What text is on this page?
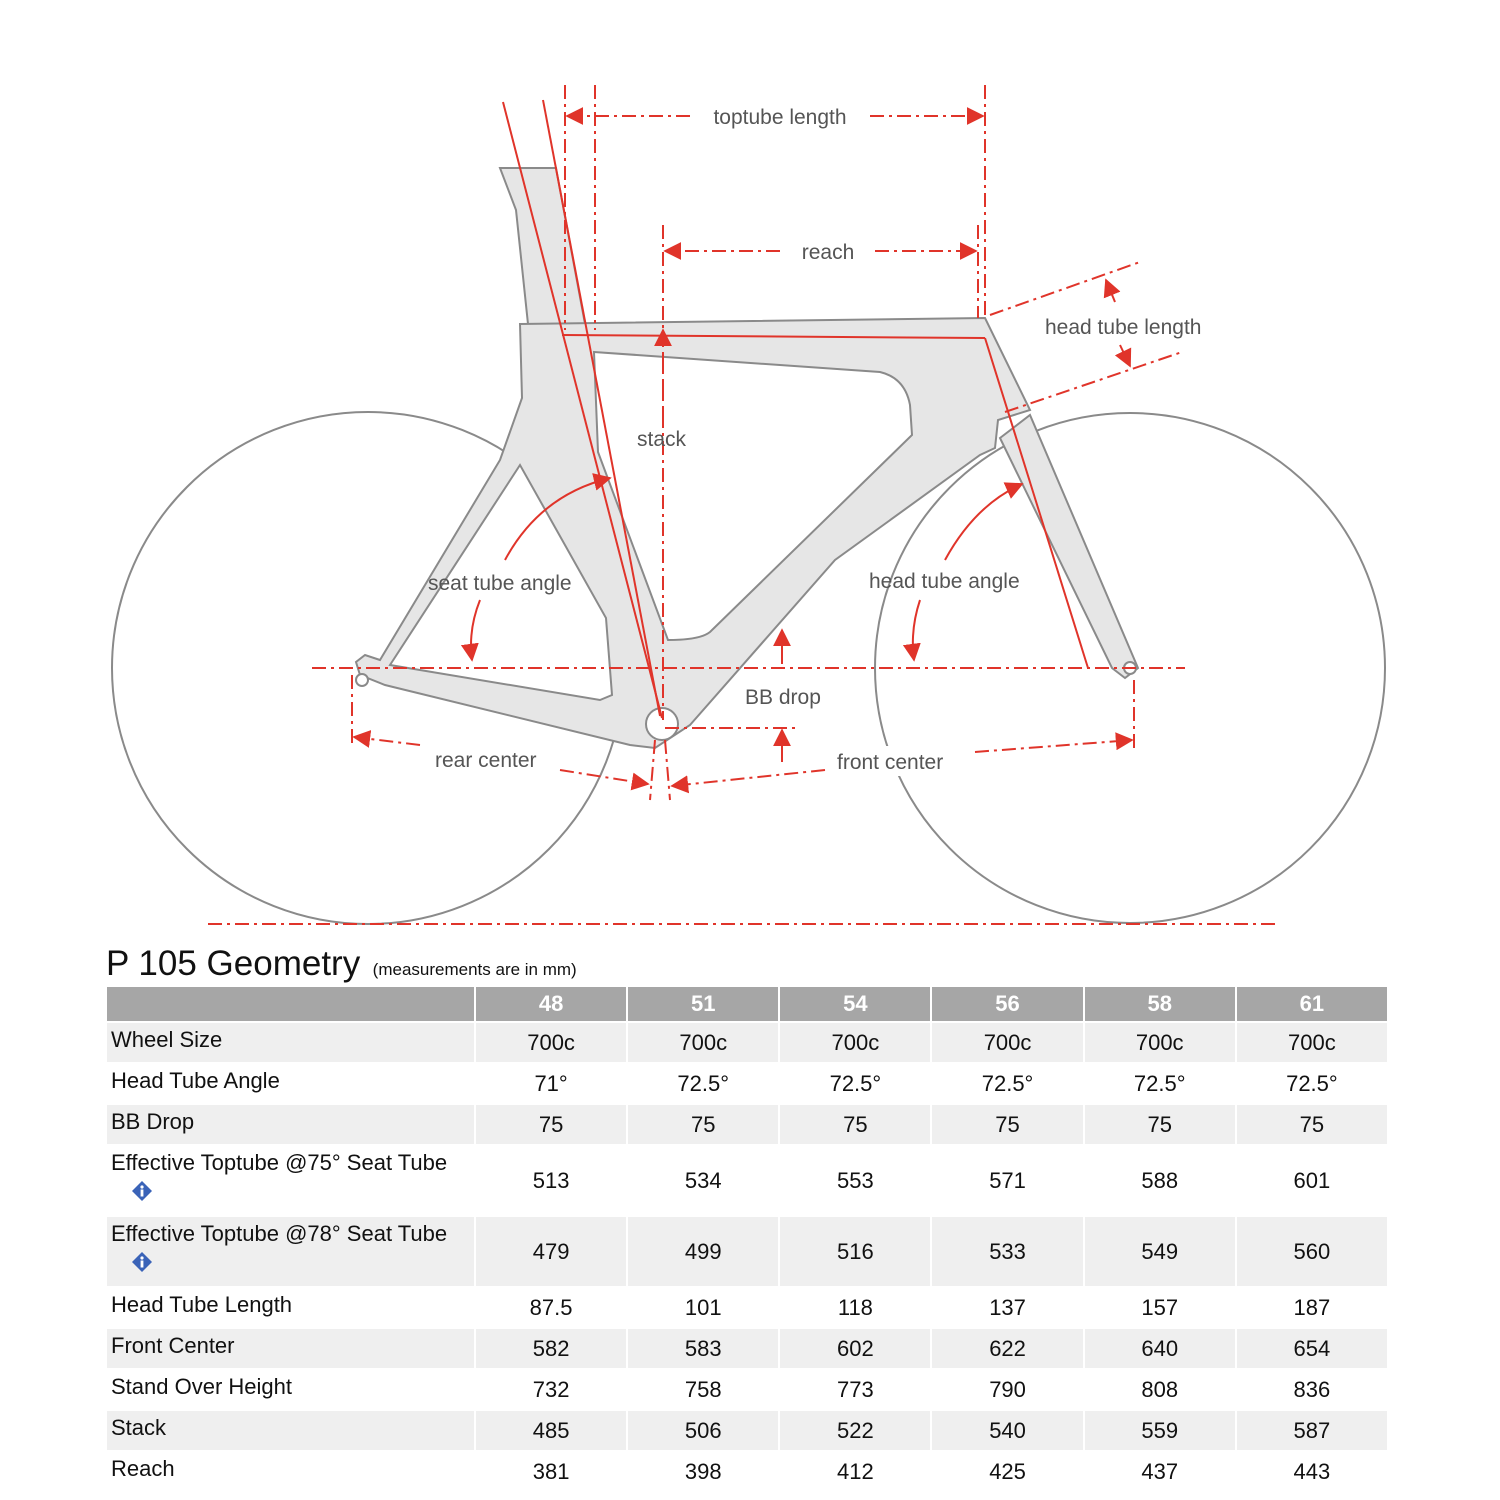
toptube length
reach
head tube length
stack
seat tube angle	head tube angle
BB drop
rear center	front center
P 105 Geometry (measurements are in mm)
	48	51	54	56	58	61
Wheel Size	700c	700c	700c	700c	700c	700c
Head Tube Angle	71°	72.5°	72.5°	72.5°	72.5°	72.5°
BB Drop	75	75	75	75	75	75
Effective Toptube @75° Seat Tube	513	534	553	571	588	601
Effective Toptube @78° Seat Tube	479	499	516	533	549	560
Head Tube Length	87.5	101	118	137	157	187
Front Center	582	583	602	622	640	654
Stand Over Height	732	758	773	790	808	836
Stack	485	506	522	540	559	587
Reach	381	398	412	425	437	443
